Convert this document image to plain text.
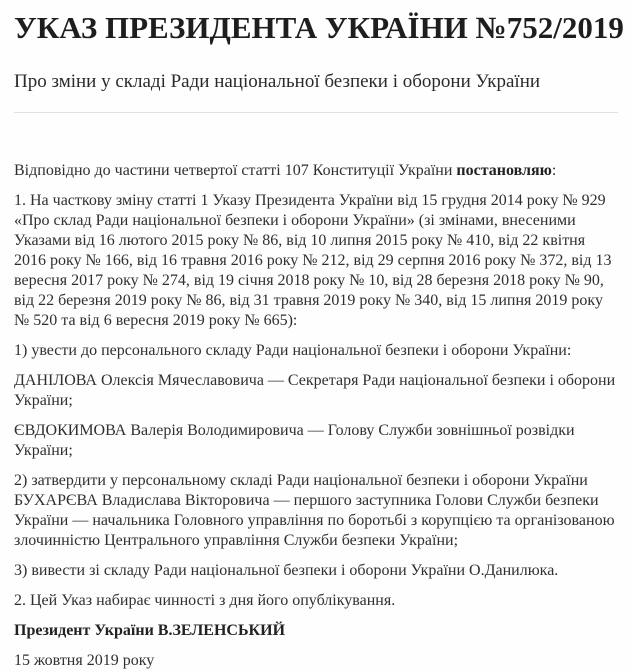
УКАЗ ПРЕЗИДЕНТА УКРАЇНИ №752/2019
Про зміни у складі Ради національної безпеки і оборони України

Відповідно до частини четвертої статті 107 Конституції України постановляю:

1. На часткову зміну статті 1 Указу Президента України від 15 грудня 2014 року № 929 «Про склад Ради національної безпеки і оборони України» (зі змінами, внесеними Указами від 16 лютого 2015 року № 86, від 10 липня 2015 року № 410, від 22 квітня 2016 року № 166, від 16 травня 2016 року № 212, від 29 серпня 2016 року № 372, від 13 вересня 2017 року № 274, від 19 січня 2018 року № 10, від 28 березня 2018 року № 90, від 22 березня 2019 року № 86, від 31 травня 2019 року № 340, від 15 липня 2019 року № 520 та від 6 вересня 2019 року № 665):

1) увести до персонального складу Ради національної безпеки і оборони України:

ДАНІЛОВА Олексія Мячеславовича — Секретаря Ради національної безпеки і оборони України;

ЄВДОКИМОВА Валерія Володимировича — Голову Служби зовнішньої розвідки України;

2) затвердити у персональному складі Ради національної безпеки і оборони України БУХАРЄВА Владислава Вікторовича — першого заступника Голови Служби безпеки України — начальника Головного управління по боротьбі з корупцією та організованою злочинністю Центрального управління Служби безпеки України;

3) вивести зі складу Ради національної безпеки і оборони України О.Данилюка.

2. Цей Указ набирає чинності з дня його опублікування.

Президент України В.ЗЕЛЕНСЬКИЙ

15 жовтня 2019 року
